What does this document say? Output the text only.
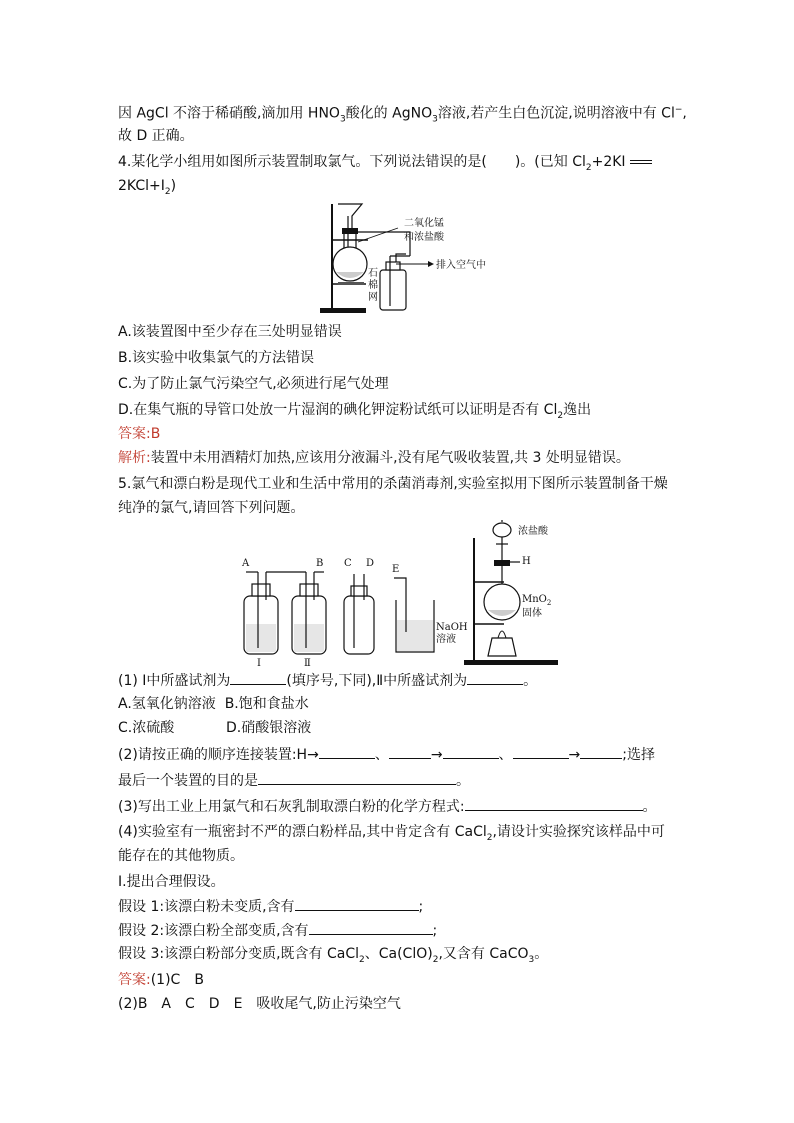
因 AgCl 不溶于稀硝酸,滴加用 $HNO_3$酸化的 AgNO$_3$溶液,若产生白色沉淀,说明溶液中有 Cl−,
故 D 正确。
4.某化学小组用如图所示装置制取氯气。下列说法错误的是(　　)。(已知 $Cl_2+2KI$
$2KCl+I_2$)
二氧化锰
和浓盐酸
排入空气中
石
棉
网
A.该装置图中至少存在三处明显错误
B.该实验中收集氯气的方法错误
C.为了防止氯气污染空气,必须进行尾气处理
D.在集气瓶的导管口处放一片湿润的碘化钾淀粉试纸可以证明是否有 $Cl_2$逸出
答案:B
解析:装置中未用酒精灯加热,应该用分液漏斗,没有尾气吸收装置,共 3 处明显错误。
5.氯气和漂白粉是现代工业和生活中常用的杀菌消毒剂,实验室拟用下图所示装置制备干燥
纯净的氯气,请回答下列问题。
A	B C D
E
Ⅰ	Ⅱ
NaOH
溶液
浓盐酸
H
MnO$_2$
固体
(1) Ⅰ中所盛试剂为	(填序号,下同),Ⅱ中所盛试剂为	。
A.氢氧化钠溶液 B.饱和食盐水
C.浓硫酸	D.硝酸银溶液
(2)请按正确的顺序连接装置:H→	、	→	、	→	;选择
最后一个装置的目的是	。
(3)写出工业上用氯气和石灰乳制取漂白粉的化学方程式:	。
(4)实验室有一瓶密封不严的漂白粉样品,其中肯定含有 CaCl$_2$,请设计实验探究该样品中可
能存在的其他物质。
Ⅰ.提出合理假设。
假设 1:该漂白粉未变质,含有	;
假设 2:该漂白粉全部变质,含有	;
假设 3:该漂白粉部分变质,既含有 CaCl$_2$、$Ca(ClO)_2$,又含有 CaCO$_3$。
答案:(1)C　B
(2)B　A　C　D　E　吸收尾气,防止污染空气
